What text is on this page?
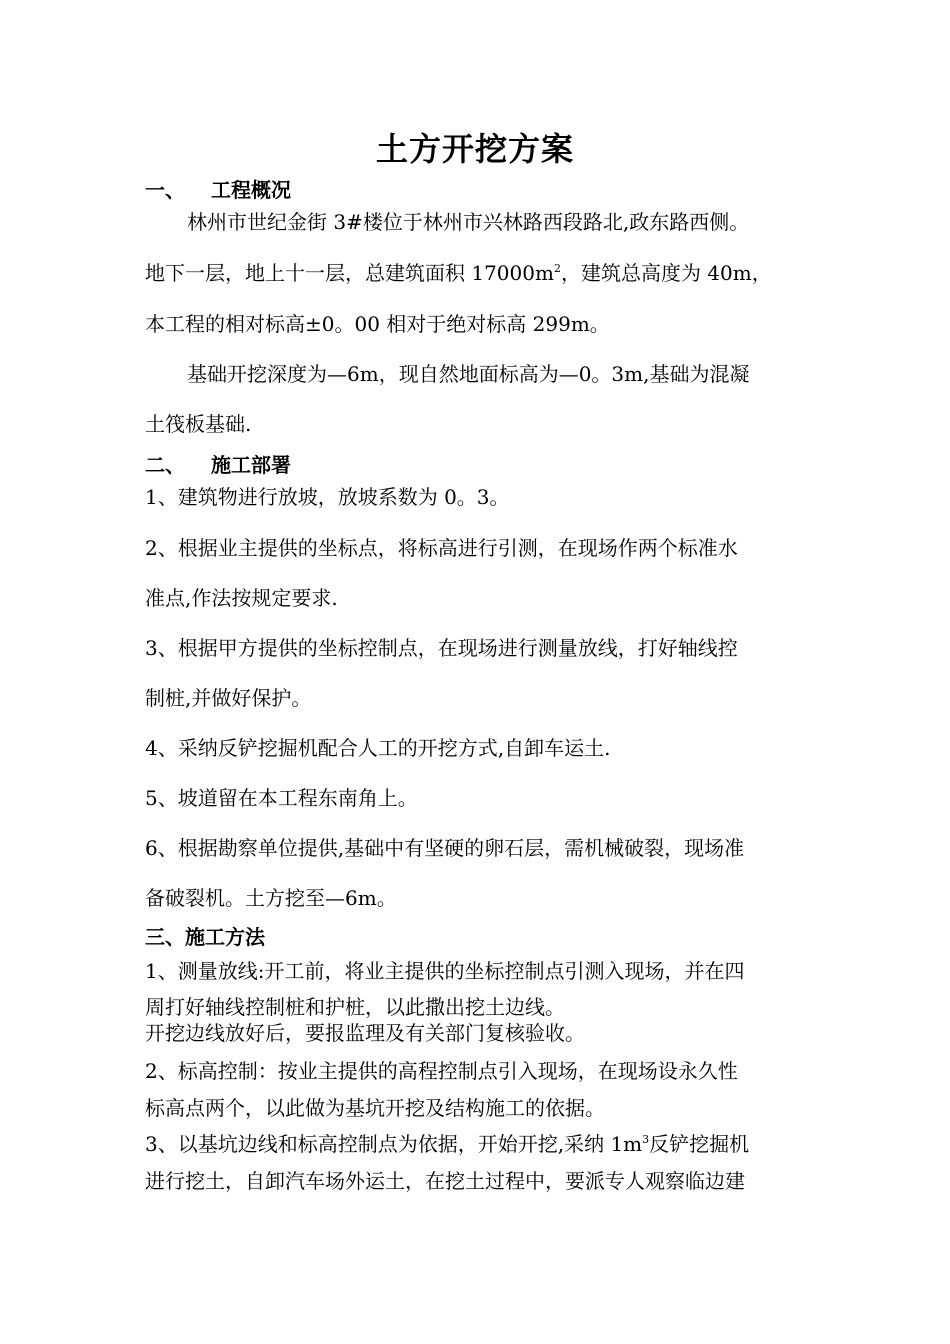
土方开挖方案
一、 工程概况
林州市世纪金街 3#楼位于林州市兴林路西段路北,政东路西侧。
地下一层，地上十一层，总建筑面积 $17000m^2$，建筑总高度为 40m，
本工程的相对标高±0。00 相对于绝对标高 299m。
基础开挖深度为—6m，现自然地面标高为—0。3m,基础为混凝
土筏板基础.
二、 施工部署
1、建筑物进行放坡，放坡系数为 0。3。
2、根据业主提供的坐标点，将标高进行引测，在现场作两个标准水
准点,作法按规定要求.
3、根据甲方提供的坐标控制点，在现场进行测量放线，打好轴线控
制桩,并做好保护。
4、采纳反铲挖掘机配合人工的开挖方式,自卸车运土.
5、坡道留在本工程东南角上。
6、根据勘察单位提供,基础中有坚硬的卵石层，需机械破裂，现场准
备破裂机。土方挖至—6m。
三、施工方法
1、测量放线:开工前，将业主提供的坐标控制点引测入现场，并在四
周打好轴线控制桩和护桩，以此撒出挖土边线。
开挖边线放好后，要报监理及有关部门复核验收。
2、标高控制：按业主提供的高程控制点引入现场，在现场设永久性
标高点两个，以此做为基坑开挖及结构施工的依据。
3、以基坑边线和标高控制点为依据，开始开挖,采纳 $1m^3$反铲挖掘机
进行挖土，自卸汽车场外运土，在挖土过程中，要派专人观察临边建
